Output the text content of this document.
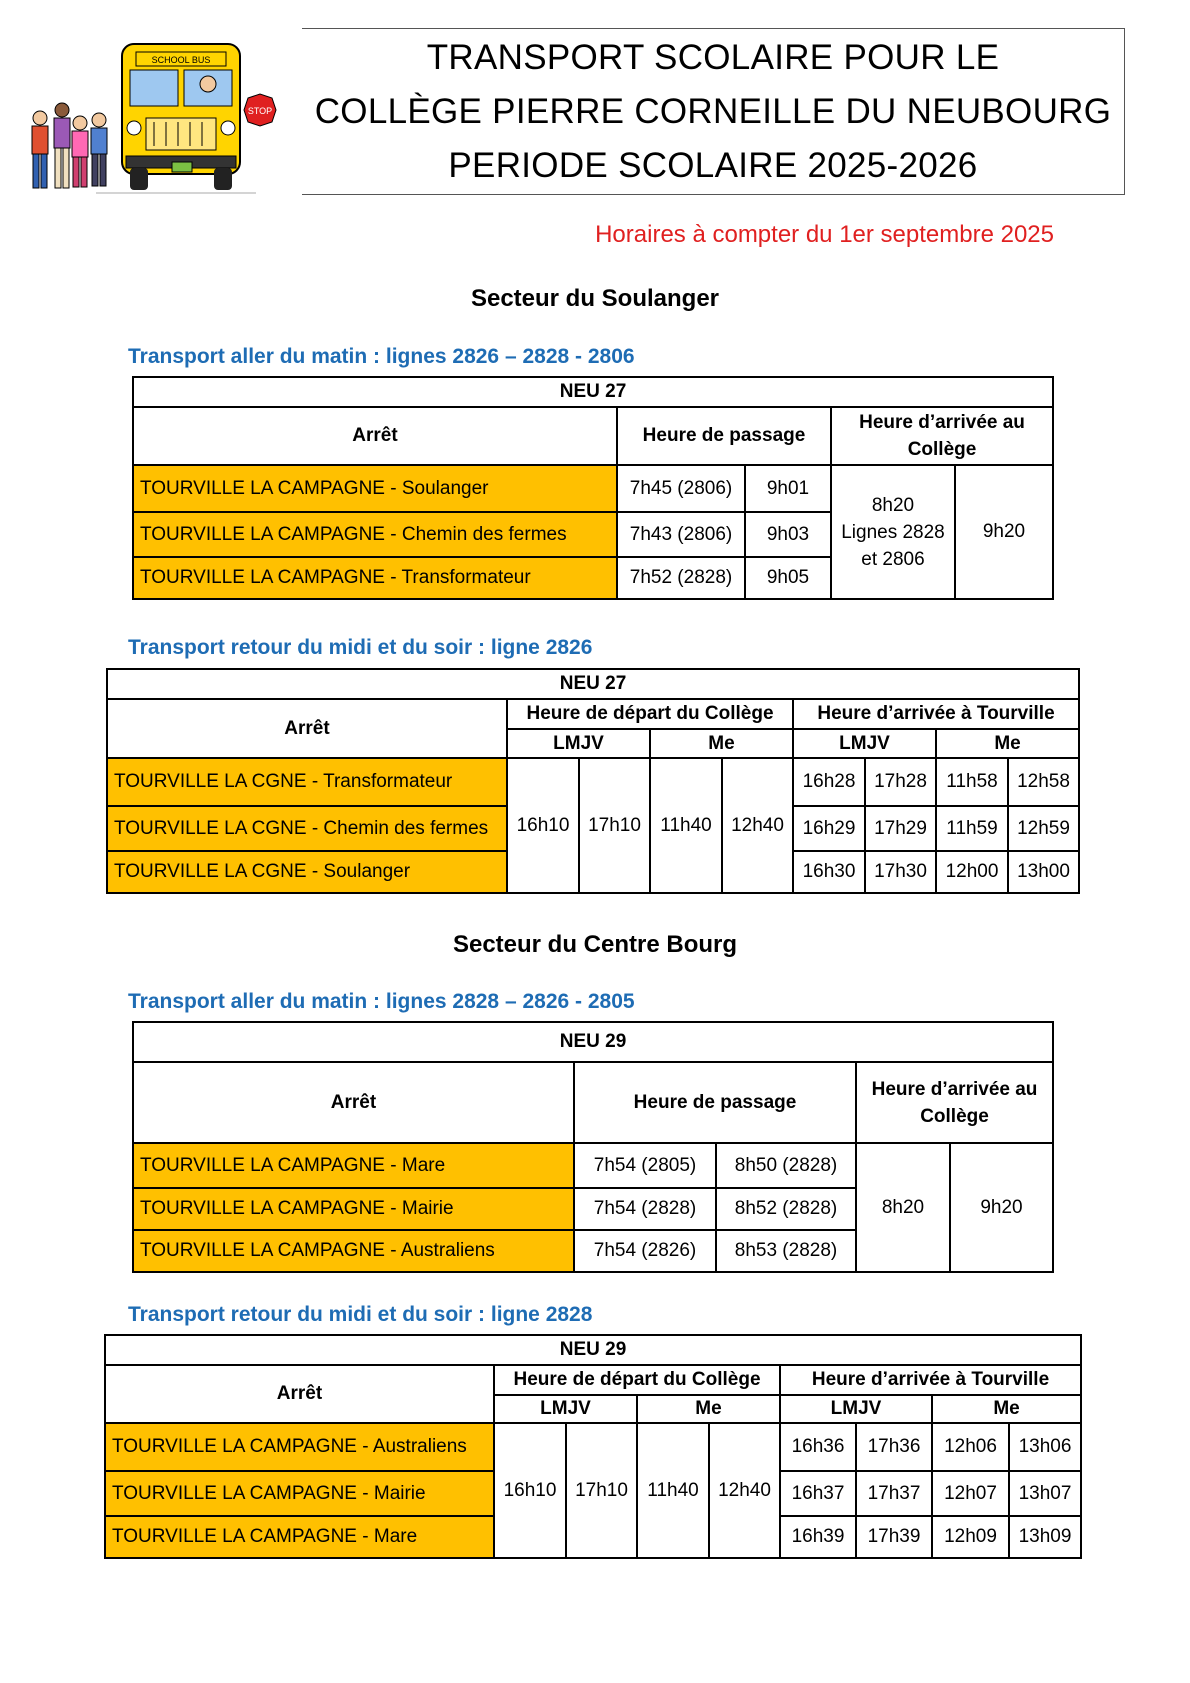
SCHOOL BUS
STOP
TRANSPORT SCOLAIRE POUR LE
COLLÈGE PIERRE CORNEILLE DU NEUBOURG
PERIODE SCOLAIRE 2025-2026
Horaires à compter du 1er septembre 2025
Secteur du Soulanger
Transport aller du matin : lignes 2826 – 2828 - 2806
NEU 27				
Arrêt	Heure de passage		Heure d’arrivée au Collège	
TOURVILLE LA CAMPAGNE - Soulanger	7h45 (2806)	9h01	8h20
Lignes 2828
et 2806	9h20
TOURVILLE LA CAMPAGNE - Chemin des fermes	7h43 (2806)	9h03		
TOURVILLE LA CAMPAGNE - Transformateur	7h52 (2828)	9h05		
Transport retour du midi et du soir : ligne 2826
NEU 27								
Arrêt	Heure de départ du Collège				Heure d’arrivée à Tourville			
	LMJV		Me		LMJV		Me	
TOURVILLE LA CGNE - Transformateur	16h10	17h10	11h40	12h40	16h28	17h28	11h58	12h58
TOURVILLE LA CGNE - Chemin des fermes					16h29	17h29	11h59	12h59
TOURVILLE LA CGNE - Soulanger					16h30	17h30	12h00	13h00
Secteur du Centre Bourg
Transport aller du matin : lignes 2828 – 2826 - 2805
NEU 29				
Arrêt	Heure de passage		Heure d’arrivée au Collège	
TOURVILLE LA CAMPAGNE - Mare	7h54 (2805)	8h50 (2828)	8h20	9h20
TOURVILLE LA CAMPAGNE - Mairie	7h54 (2828)	8h52 (2828)		
TOURVILLE LA CAMPAGNE - Australiens	7h54 (2826)	8h53 (2828)		
Transport retour du midi et du soir : ligne 2828
NEU 29								
Arrêt	Heure de départ du Collège				Heure d’arrivée à Tourville			
	LMJV		Me		LMJV		Me	
TOURVILLE LA CAMPAGNE - Australiens	16h10	17h10	11h40	12h40	16h36	17h36	12h06	13h06
TOURVILLE LA CAMPAGNE - Mairie					16h37	17h37	12h07	13h07
TOURVILLE LA CAMPAGNE - Mare					16h39	17h39	12h09	13h09
